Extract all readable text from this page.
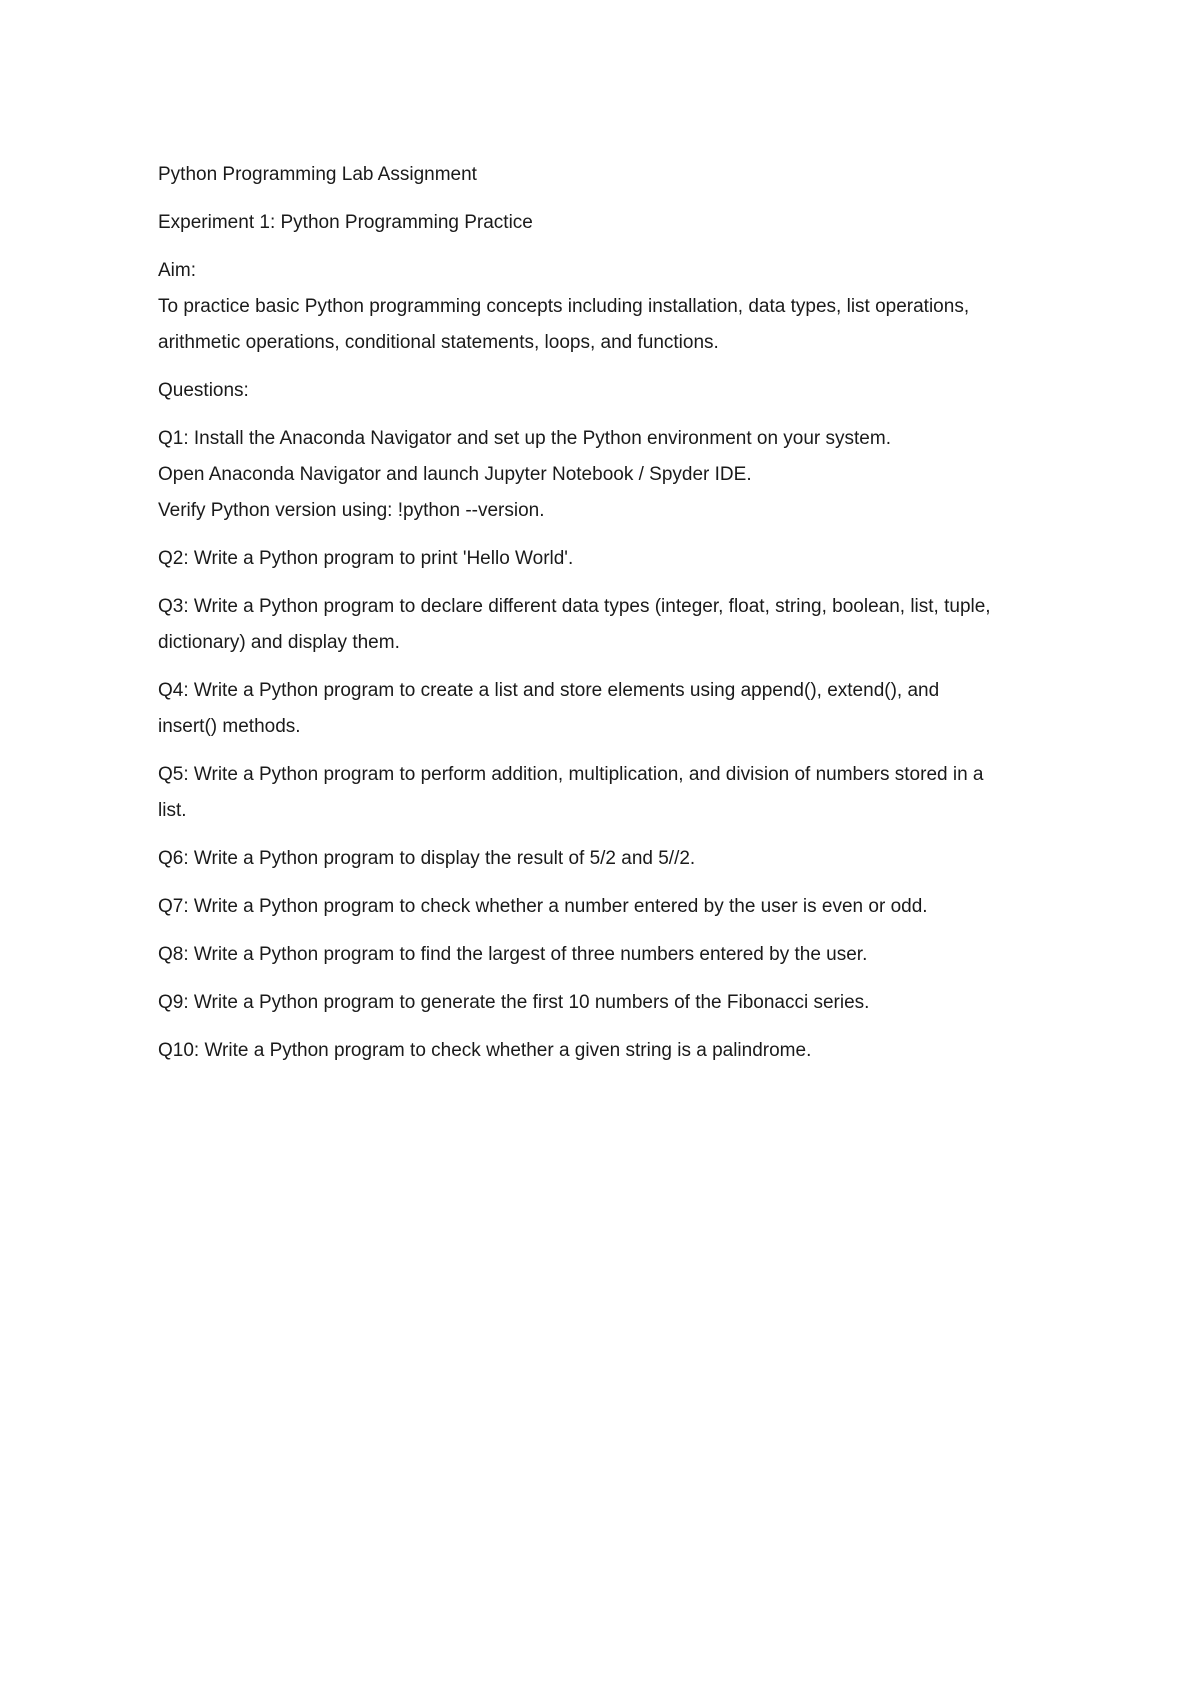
Python Programming Lab Assignment

Experiment 1: Python Programming Practice

Aim:
To practice basic Python programming concepts including installation, data types, list operations,
arithmetic operations, conditional statements, loops, and functions.

Questions:

Q1: Install the Anaconda Navigator and set up the Python environment on your system.
Open Anaconda Navigator and launch Jupyter Notebook / Spyder IDE.
Verify Python version using: !python --version.

Q2: Write a Python program to print 'Hello World'.

Q3: Write a Python program to declare different data types (integer, float, string, boolean, list, tuple,
dictionary) and display them.

Q4: Write a Python program to create a list and store elements using append(), extend(), and
insert() methods.

Q5: Write a Python program to perform addition, multiplication, and division of numbers stored in a
list.

Q6: Write a Python program to display the result of 5/2 and 5//2.

Q7: Write a Python program to check whether a number entered by the user is even or odd.

Q8: Write a Python program to find the largest of three numbers entered by the user.

Q9: Write a Python program to generate the first 10 numbers of the Fibonacci series.

Q10: Write a Python program to check whether a given string is a palindrome.
